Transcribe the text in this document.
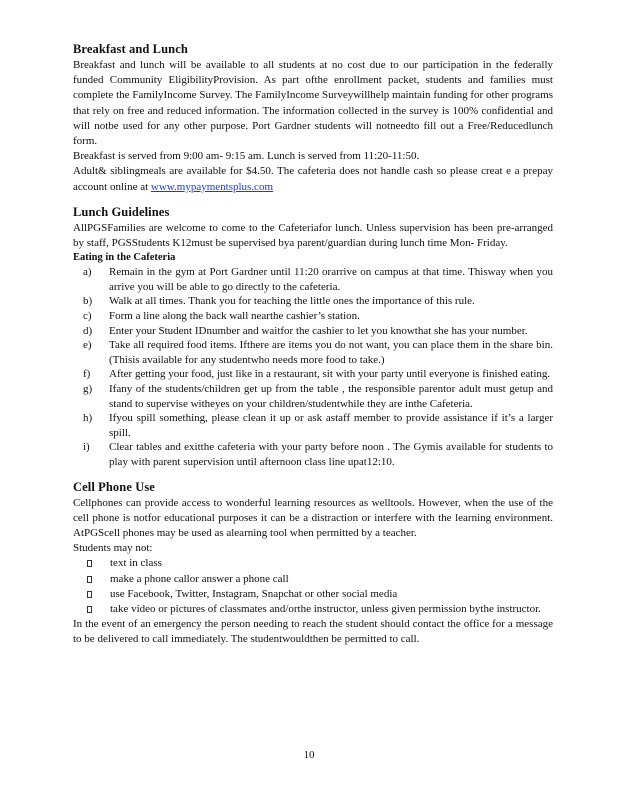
Breakfast and Lunch

Breakfast and lunch will be available to all students at no cost due to our participation in the federally funded Community EligibilityProvision. As part ofthe enrollment packet, students and families must complete the FamilyIncome Survey. The FamilyIncome Surveywillhelp maintain funding for other programs that rely on free and reduced information. The information collected in the survey is 100% confidential and will notbe used for any other purpose. Port Gardner students will notneedto fill out a Free/Reducedlunch form.

Breakfast is served from 9:00 am- 9:15 am. Lunch is served from 11:20-11:50.

Adult& siblingmeals are available for $4.50. The cafeteria does not handle cash so please creat e a prepay account online at www.mypaymentsplus.com

Lunch Guidelines

AllPGSFamilies are welcome to come to the Cafeteriafor lunch. Unless supervision has been pre-arranged by staff, PGSStudents K12must be supervised bya parent/guardian during lunch time Mon- Friday.

Eating in the Cafeteria
a) Remain in the gym at Port Gardner until 11:20 orarrive on campus at that time. Thisway when you arrive you will be able to go directly to the cafeteria.
b) Walk at all times. Thank you for teaching the little ones the importance of this rule.
c) Form a line along the back wall nearthe cashier’s station.
d) Enter your Student IDnumber and waitfor the cashier to let you knowthat she has your number.
e) Take all required food items. Ifthere are items you do not want, you can place them in the share bin. (Thisis available for any studentwho needs more food to take.)
f) After getting your food, just like in a restaurant, sit with your party until everyone is finished eating.
g) Ifany of the students/children get up from the table , the responsible parentor adult must getup and stand to supervise witheyes on your children/studentwhile they are inthe Cafeteria.
h) Ifyou spill something, please clean it up or ask astaff member to provide assistance if it’s a larger spill.
i) Clear tables and exitthe cafeteria with your party before noon . The Gymis available for students to play with parent supervision until afternoon class line upat12:10.
Cell Phone Use

Cellphones can provide access to wonderful learning resources as welltools. However, when the use of the cell phone is notfor educational purposes it can be a distraction or interfere with the learning environment. AtPGScell phones may be used as alearning tool when permitted by a teacher.

Students may not:

text in class
make a phone callor answer a phone call
use Facebook, Twitter, Instagram, Snapchat or other social media
take video or pictures of classmates and/orthe instructor, unless given permission bythe instructor.

In the event of an emergency the person needing to reach the student should contact the office for a message to be delivered to call immediately. The studentwouldthen be permitted to call.

10
